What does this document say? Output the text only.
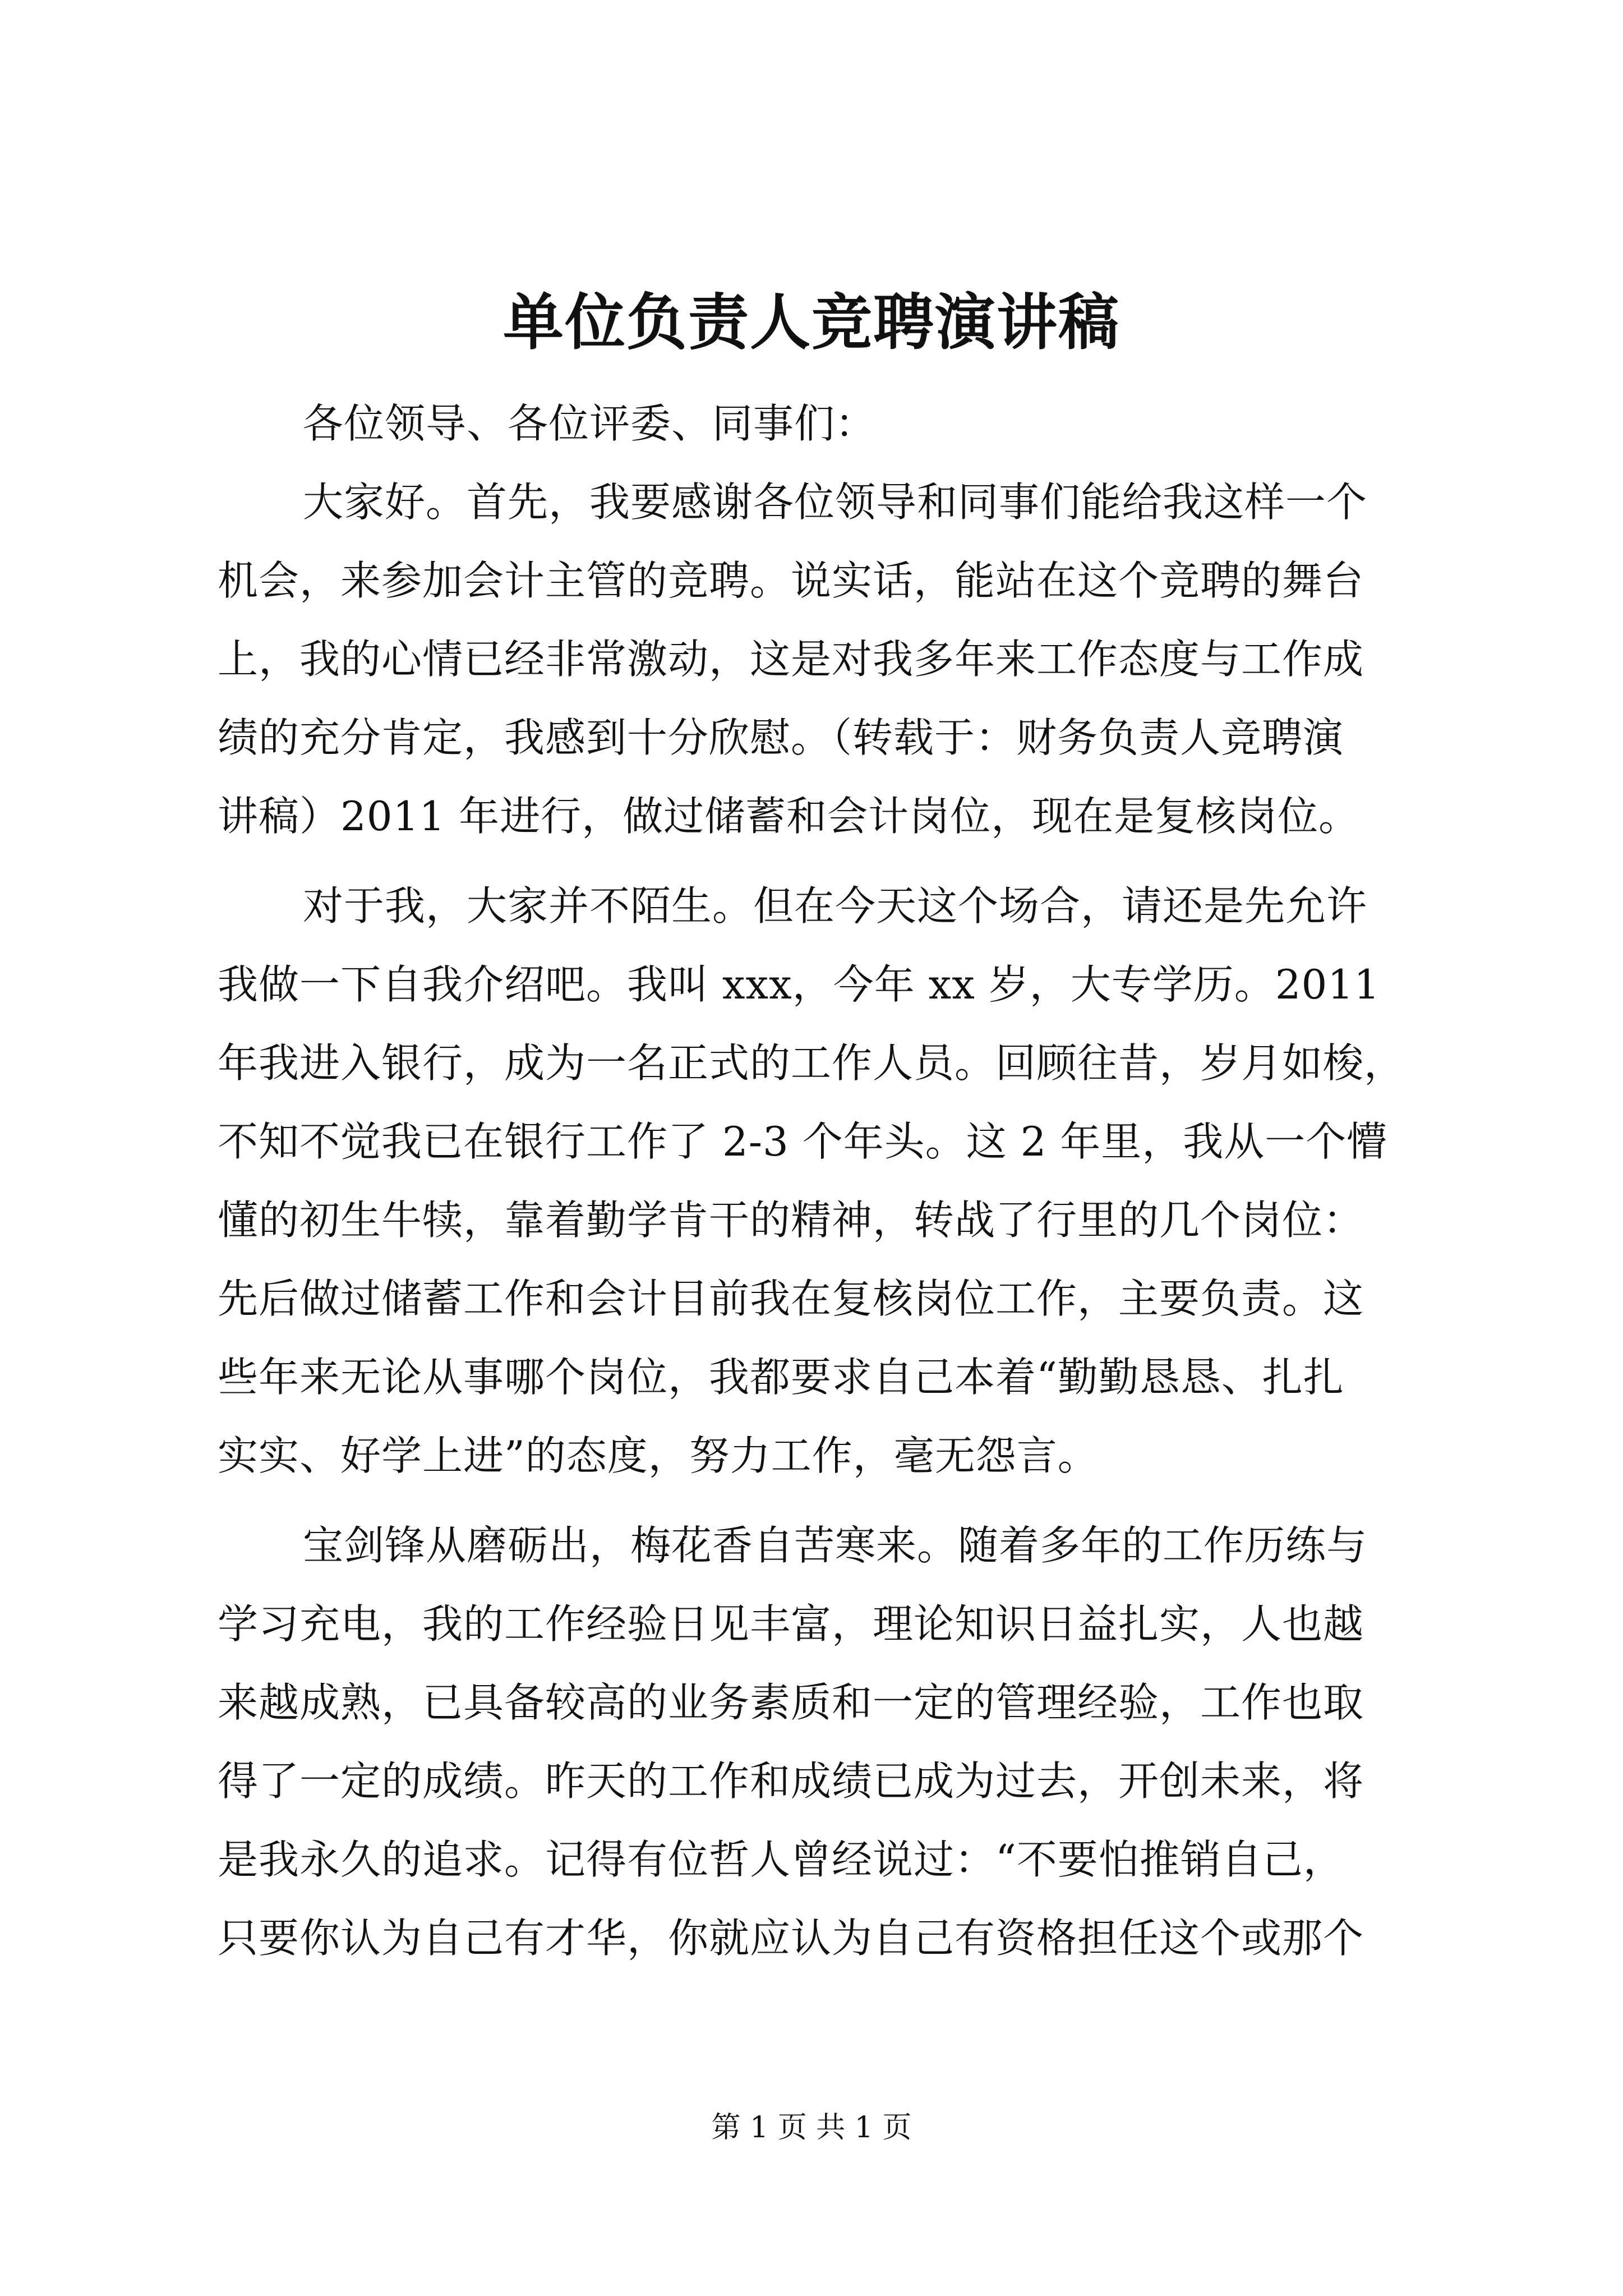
单位负责人竞聘演讲稿
各位领导、各位评委、同事们：
大家好。首先，我要感谢各位领导和同事们能给我这样一个
机会，来参加会计主管的竞聘。说实话，能站在这个竞聘的舞台
上，我的心情已经非常激动，这是对我多年来工作态度与工作成
绩的充分肯定，我感到十分欣慰。（转载于：财务负责人竞聘演
讲稿）2011 年进行，做过储蓄和会计岗位，现在是复核岗位。
对于我，大家并不陌生。但在今天这个场合，请还是先允许
我做一下自我介绍吧。我叫 xxx，今年 xx 岁，大专学历。2011
年我进入银行，成为一名正式的工作人员。回顾往昔，岁月如梭，
不知不觉我已在银行工作了 2-3 个年头。这 2 年里，我从一个懵
懂的初生牛犊，靠着勤学肯干的精神，转战了行里的几个岗位：
先后做过储蓄工作和会计目前我在复核岗位工作，主要负责。这
些年来无论从事哪个岗位，我都要求自己本着“勤勤恳恳、扎扎
实实、好学上进”的态度，努力工作，毫无怨言。
宝剑锋从磨砺出，梅花香自苦寒来。随着多年的工作历练与
学习充电，我的工作经验日见丰富，理论知识日益扎实，人也越
来越成熟，已具备较高的业务素质和一定的管理经验，工作也取
得了一定的成绩。昨天的工作和成绩已成为过去，开创未来，将
是我永久的追求。记得有位哲人曾经说过：“不要怕推销自己，
只要你认为自己有才华，你就应认为自己有资格担任这个或那个
第 1 页 共 1 页
